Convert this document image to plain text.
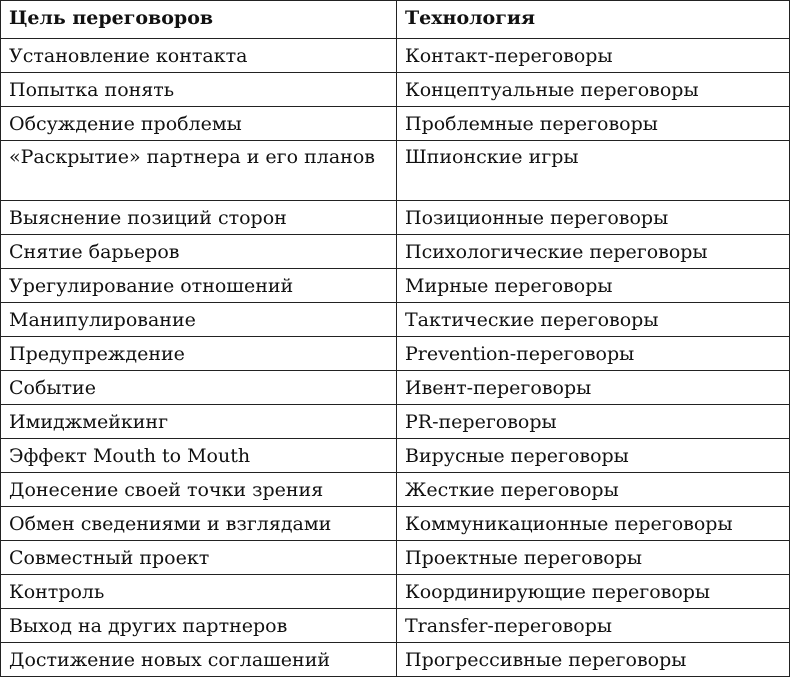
Цель переговоров	Технология
Установление контакта	Контакт-переговоры
Попытка понять	Концептуальные переговоры
Обсуждение проблемы	Проблемные переговоры
«Раскрытие» партнера и его планов	Шпионские игры
Выяснение позиций сторон	Позиционные переговоры
Снятие барьеров	Психологические переговоры
Урегулирование отношений	Мирные переговоры
Манипулирование	Тактические переговоры
Предупреждение	Prevention-переговоры
Событие	Ивент-переговоры
Имиджмейкинг	PR-переговоры
Эффект Mouth to Mouth	Вирусные переговоры
Донесение своей точки зрения	Жесткие переговоры
Обмен сведениями и взглядами	Коммуникационные переговоры
Совместный проект	Проектные переговоры
Контроль	Координирующие переговоры
Выход на других партнеров	Transfer-переговоры
Достижение новых соглашений	Прогрессивные переговоры
